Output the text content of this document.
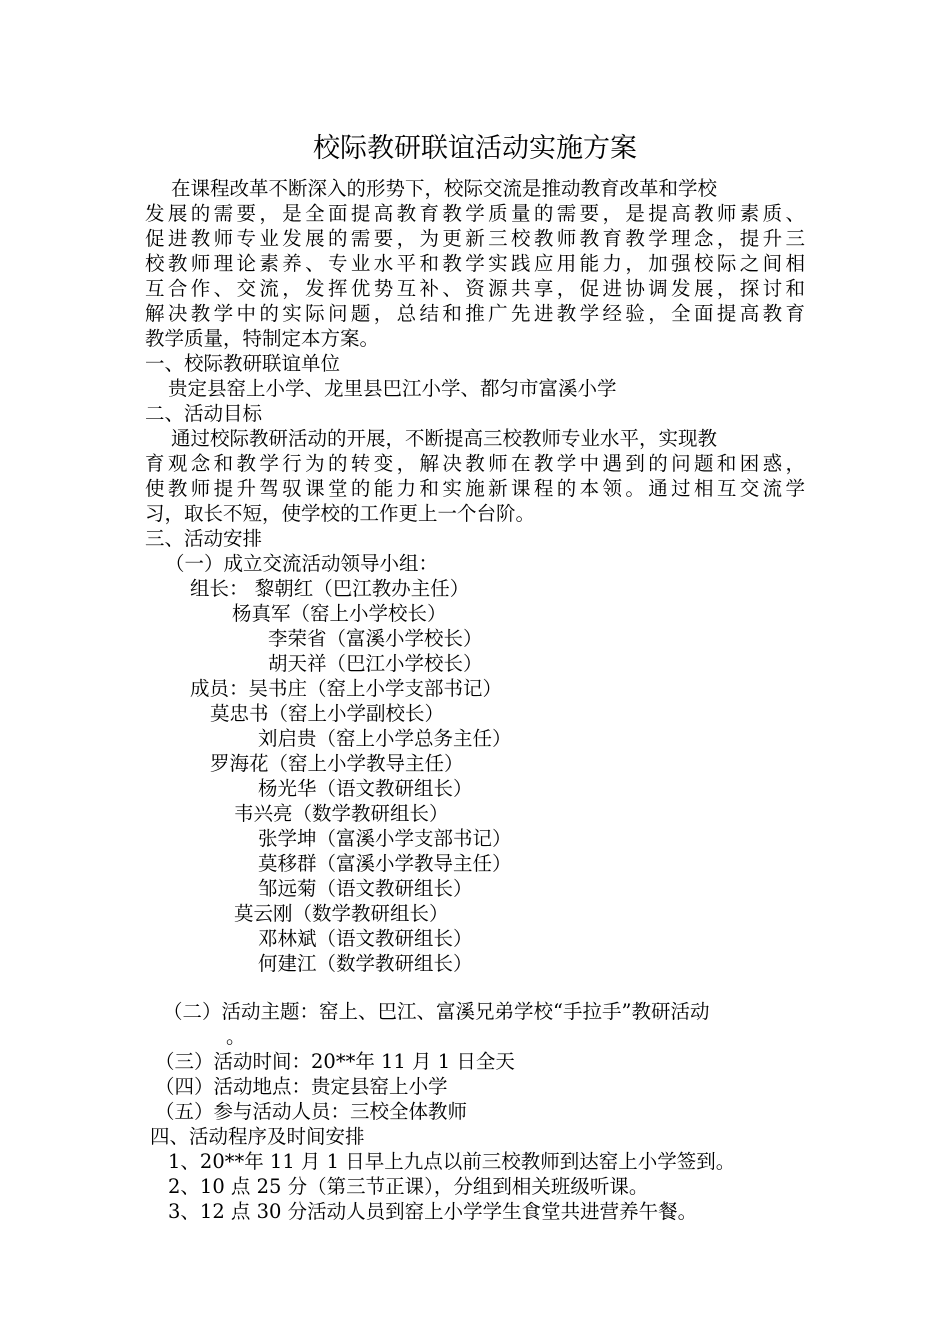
校际教研联谊活动实施方案
在课程改革不断深入的形势下，校际交流是推动教育改革和学校
发展的需要，是全面提高教育教学质量的需要，是提高教师素质、
促进教师专业发展的需要，为更新三校教师教育教学理念，提升三
校教师理论素养、专业水平和教学实践应用能力，加强校际之间相
互合作、交流，发挥优势互补、资源共享，促进协调发展，探讨和
解决教学中的实际问题，总结和推广先进教学经验，全面提高教育
教学质量，特制定本方案。
一、校际教研联谊单位
贵定县窑上小学、龙里县巴江小学、都匀市富溪小学
二、活动目标
通过校际教研活动的开展，不断提高三校教师专业水平，实现教
育观念和教学行为的转变，解决教师在教学中遇到的问题和困惑，
使教师提升驾驭课堂的能力和实施新课程的本领。通过相互交流学
习，取长不短，使学校的工作更上一个台阶。
三、活动安排
（一）成立交流活动领导小组：
组长： 黎朝红（巴江教办主任）
杨真军（窑上小学校长）
李荣省（富溪小学校长）
胡天祥（巴江小学校长）
成员：吴书庄（窑上小学支部书记）
莫忠书（窑上小学副校长）
刘启贵（窑上小学总务主任）
罗海花（窑上小学教导主任）
杨光华（语文教研组长）
韦兴亮（数学教研组长）
张学坤（富溪小学支部书记）
莫移群（富溪小学教导主任）
邹远菊（语文教研组长）
莫云刚（数学教研组长）
邓林斌（语文教研组长）
何建江（数学教研组长）
（二）活动主题：窑上、巴江、富溪兄弟学校“手拉手”教研活动
。
（三）活动时间：20**年 11 月 1 日全天
（四）活动地点：贵定县窑上小学
（五）参与活动人员：三校全体教师
四、活动程序及时间安排
1、20**年 11 月 1 日早上九点以前三校教师到达窑上小学签到。
2、10 点 25 分（第三节正课），分组到相关班级听课。
3、12 点 30 分活动人员到窑上小学学生食堂共进营养午餐。
